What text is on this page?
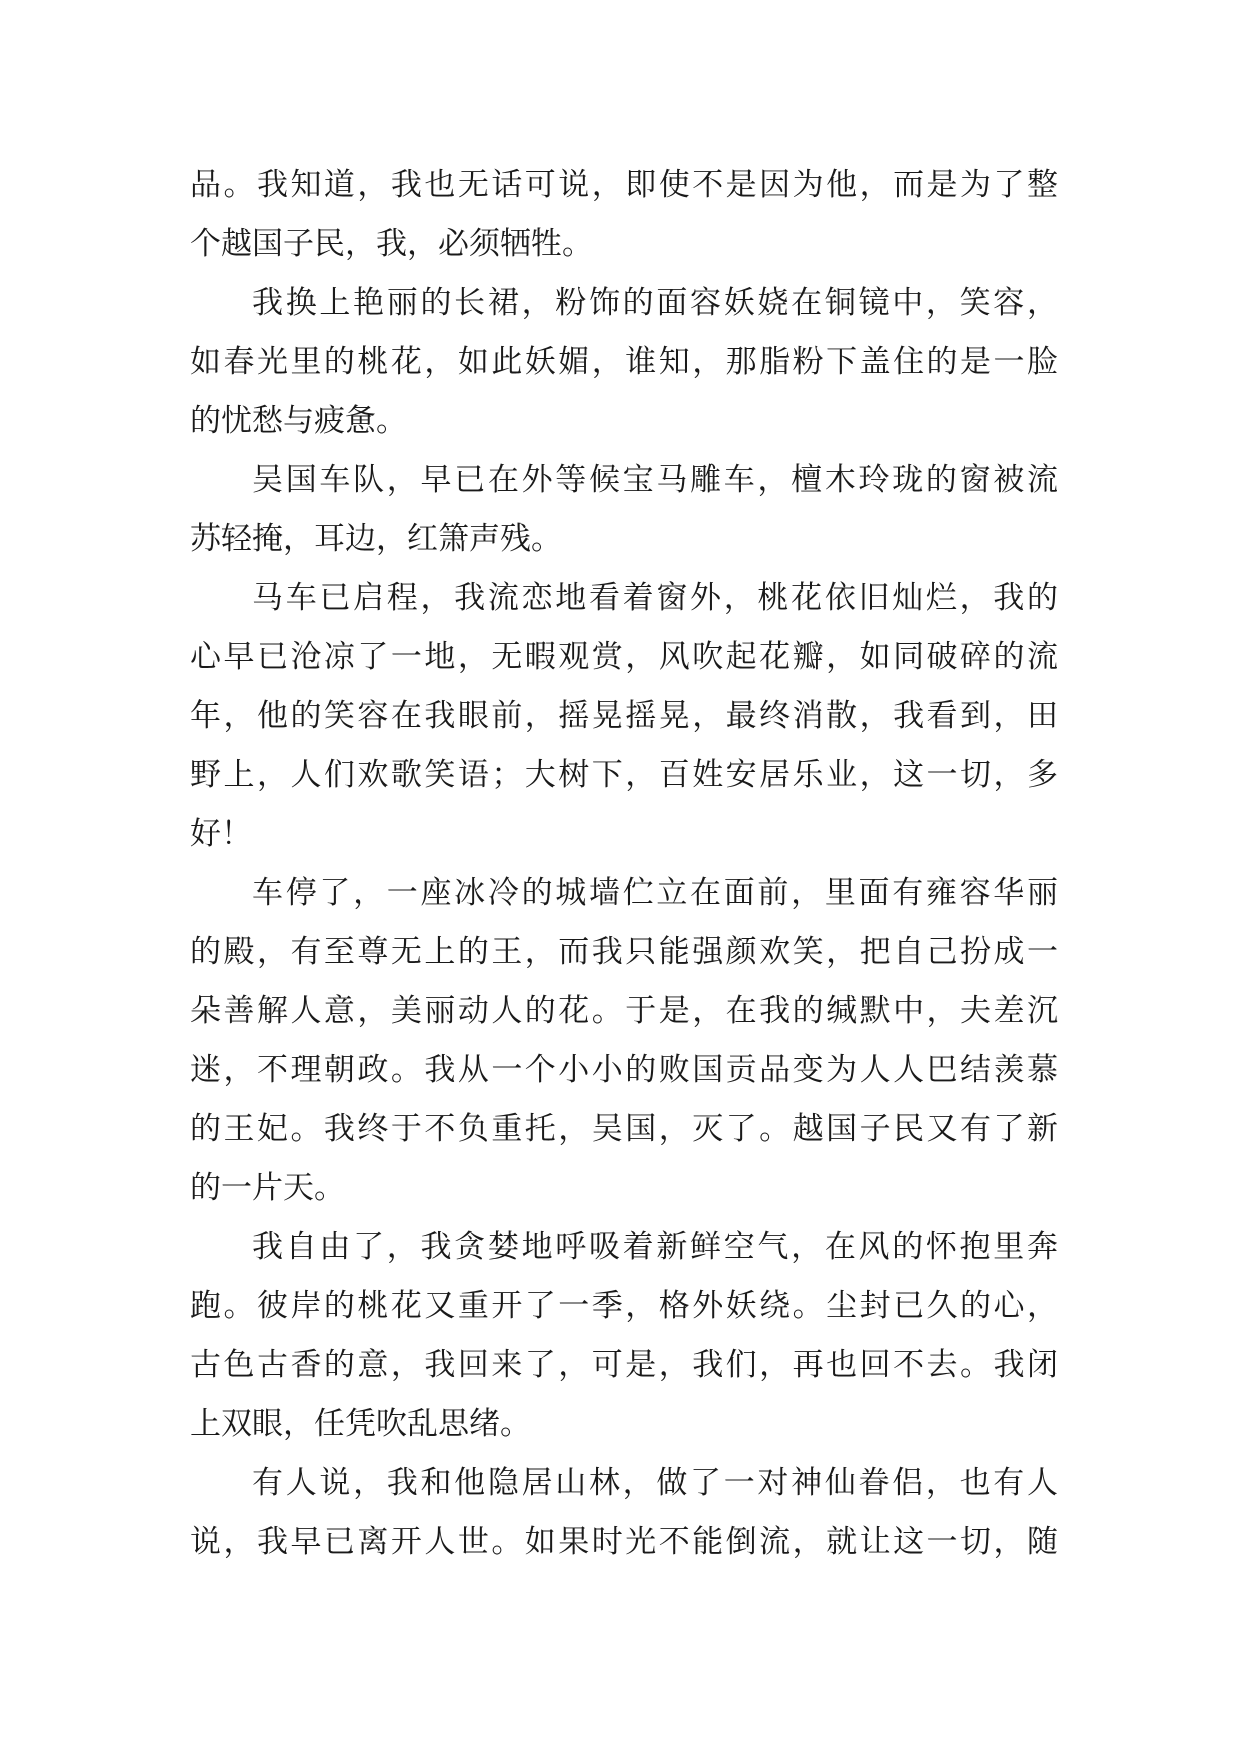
品。我知道，我也无话可说，即使不是因为他，而是为了整
个越国子民，我，必须牺牲。
我换上艳丽的长裙，粉饰的面容妖娆在铜镜中，笑容，
如春光里的桃花，如此妖媚，谁知，那脂粉下盖住的是一脸
的忧愁与疲惫。
吴国车队，早已在外等候宝马雕车，檀木玲珑的窗被流
苏轻掩，耳边，红箫声残。
马车已启程，我流恋地看着窗外，桃花依旧灿烂，我的
心早已沧凉了一地，无暇观赏，风吹起花瓣，如同破碎的流
年，他的笑容在我眼前，摇晃摇晃，最终消散，我看到，田
野上，人们欢歌笑语；大树下，百姓安居乐业，这一切，多
好！
车停了，一座冰冷的城墙伫立在面前，里面有雍容华丽
的殿，有至尊无上的王，而我只能强颜欢笑，把自己扮成一
朵善解人意，美丽动人的花。于是，在我的缄默中，夫差沉
迷，不理朝政。我从一个小小的败国贡品变为人人巴结羡慕
的王妃。我终于不负重托，吴国，灭了。越国子民又有了新
的一片天。
我自由了，我贪婪地呼吸着新鲜空气，在风的怀抱里奔
跑。彼岸的桃花又重开了一季，格外妖绕。尘封已久的心，
古色古香的意，我回来了，可是，我们，再也回不去。我闭
上双眼，任凭吹乱思绪。
有人说，我和他隐居山林，做了一对神仙眷侣，也有人
说，我早已离开人世。如果时光不能倒流，就让这一切，随
